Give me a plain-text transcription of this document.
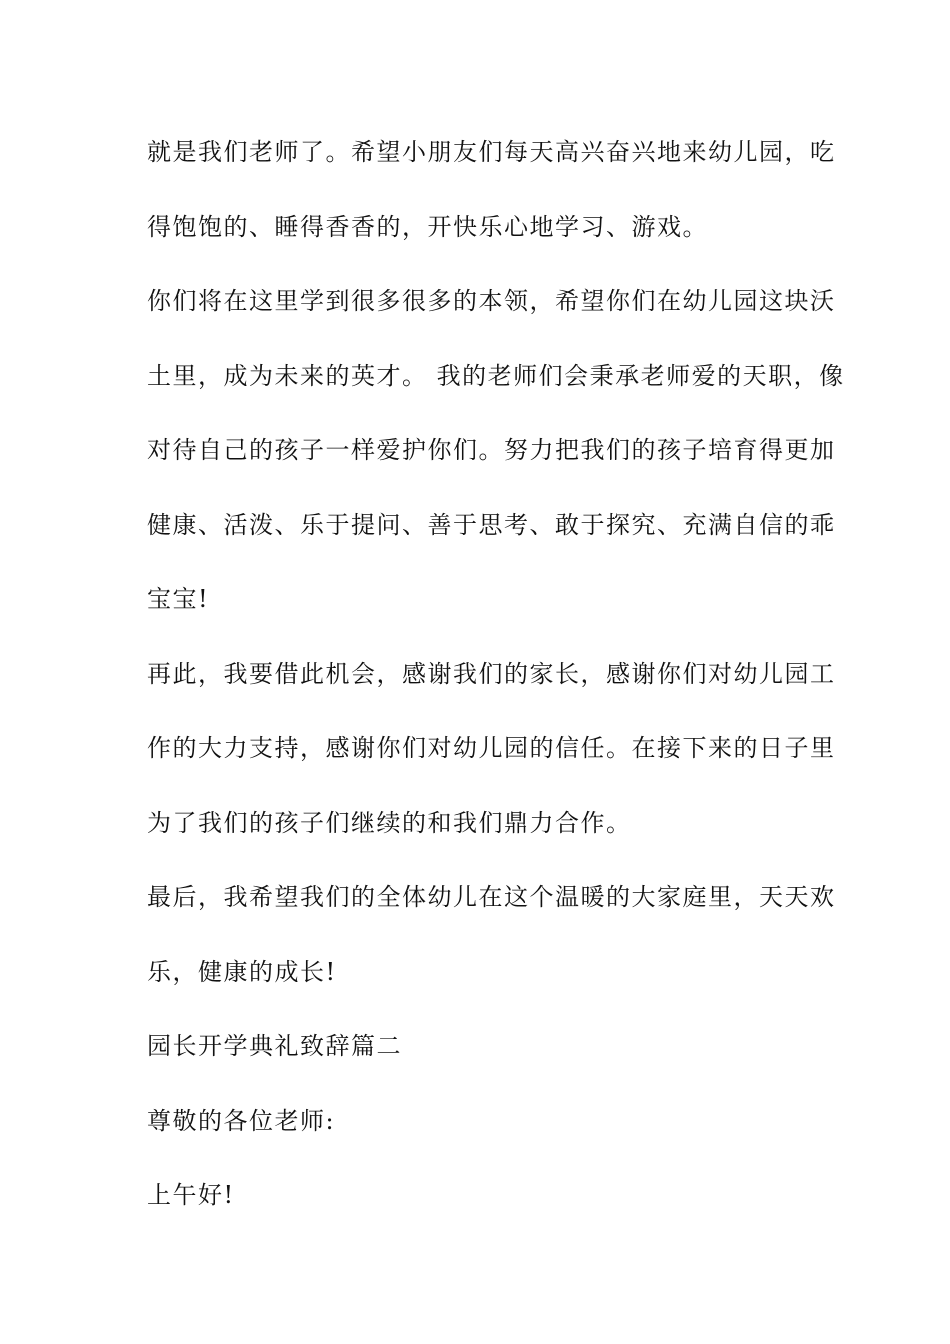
就是我们老师了。希望小朋友们每天高兴奋兴地来幼儿园，吃
得饱饱的、睡得香香的，开快乐心地学习、游戏。
你们将在这里学到很多很多的本领，希望你们在幼儿园这块沃
土里，成为未来的英才。 我的老师们会秉承老师爱的天职，像
对待自己的孩子一样爱护你们。努力把我们的孩子培育得更加
健康、活泼、乐于提问、善于思考、敢于探究、充满自信的乖
宝宝!
再此，我要借此机会，感谢我们的家长，感谢你们对幼儿园工
作的大力支持，感谢你们对幼儿园的信任。在接下来的日子里
为了我们的孩子们继续的和我们鼎力合作。
最后，我希望我们的全体幼儿在这个温暖的大家庭里，天天欢
乐，健康的成长!
园长开学典礼致辞篇二
尊敬的各位老师:
上午好!
